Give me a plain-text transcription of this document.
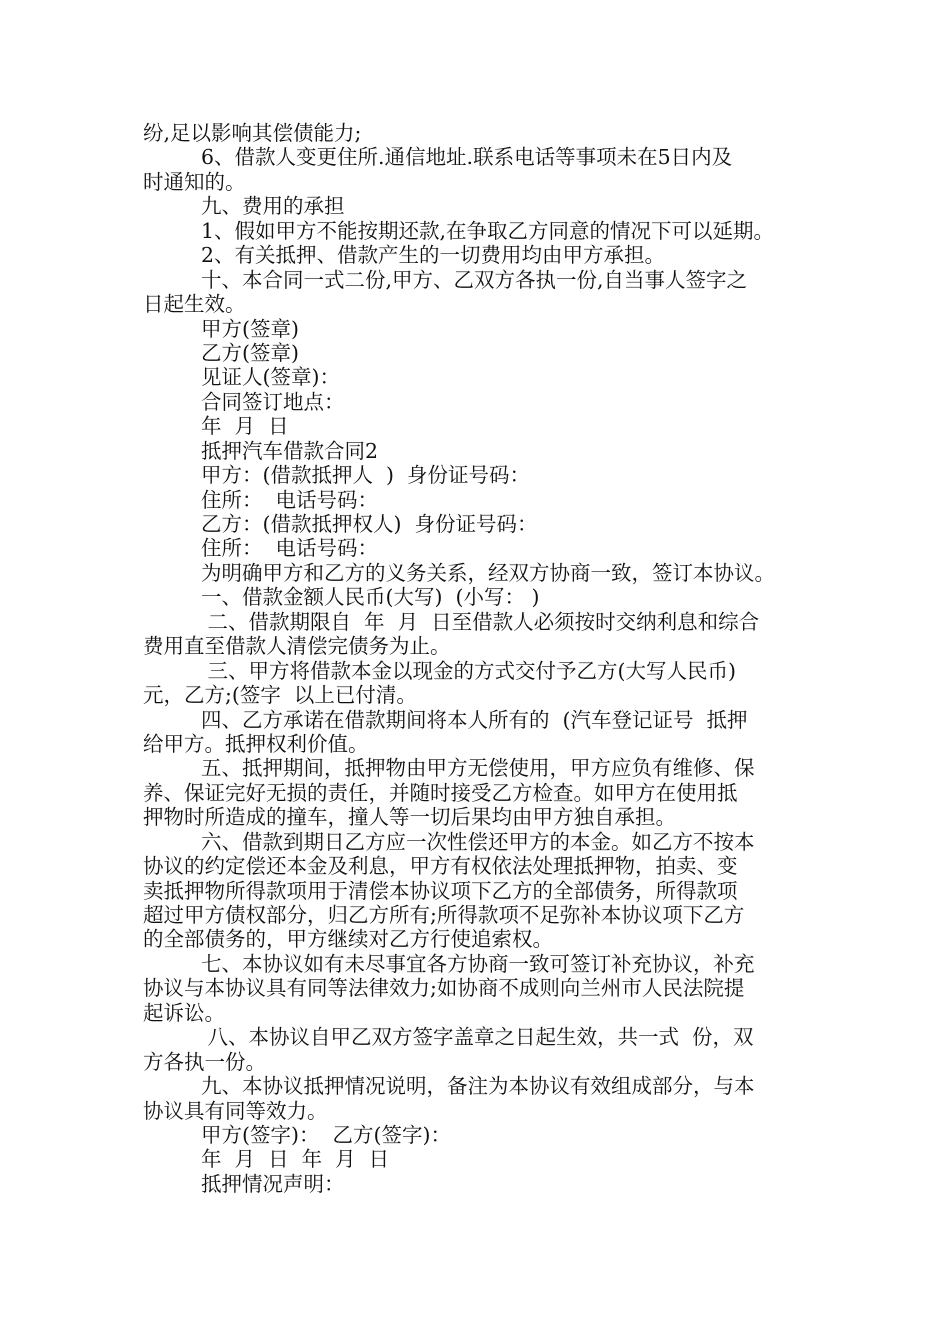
纷,足以影响其偿债能力;
6、借款人变更住所.通信地址.联系电话等事项未在5日内及
时通知的。
九、费用的承担
1、假如甲方不能按期还款,在争取乙方同意的情况下可以延期。
2、有关抵押、借款产生的一切费用均由甲方承担。
十、本合同一式二份,甲方、乙双方各执一份,自当事人签字之
日起生效。
甲方(签章)
乙方(签章)
见证人(签章)：
合同签订地点：
年  月  日
抵押汽车借款合同2
甲方：(借款抵押人  )  身份证号码：
住所：  电话号码：
乙方：(借款抵押权人)  身份证号码：
住所：  电话号码：
为明确甲方和乙方的义务关系，经双方协商一致，签订本协议。
一、借款金额人民币(大写)  (小写： )
二、借款期限自  年  月  日至借款人必须按时交纳利息和综合
费用直至借款人清偿完债务为止。
三、甲方将借款本金以现金的方式交付予乙方(大写人民币)
元，乙方;(签字  以上已付清。
四、乙方承诺在借款期间将本人所有的  (汽车登记证号  抵押
给甲方。抵押权利价值。
五、抵押期间，抵押物由甲方无偿使用，甲方应负有维修、保
养、保证完好无损的责任，并随时接受乙方检查。如甲方在使用抵
押物时所造成的撞车，撞人等一切后果均由甲方独自承担。
六、借款到期日乙方应一次性偿还甲方的本金。如乙方不按本
协议的约定偿还本金及利息，甲方有权依法处理抵押物，拍卖、变
卖抵押物所得款项用于清偿本协议项下乙方的全部债务，所得款项
超过甲方债权部分，归乙方所有;所得款项不足弥补本协议项下乙方
的全部债务的，甲方继续对乙方行使追索权。
七、本协议如有未尽事宜各方协商一致可签订补充协议，补充
协议与本协议具有同等法律效力;如协商不成则向兰州市人民法院提
起诉讼。
八、本协议自甲乙双方签字盖章之日起生效，共一式  份，双
方各执一份。
九、本协议抵押情况说明，备注为本协议有效组成部分，与本
协议具有同等效力。
甲方(签字)：  乙方(签字)：
年  月  日  年  月  日
抵押情况声明：
